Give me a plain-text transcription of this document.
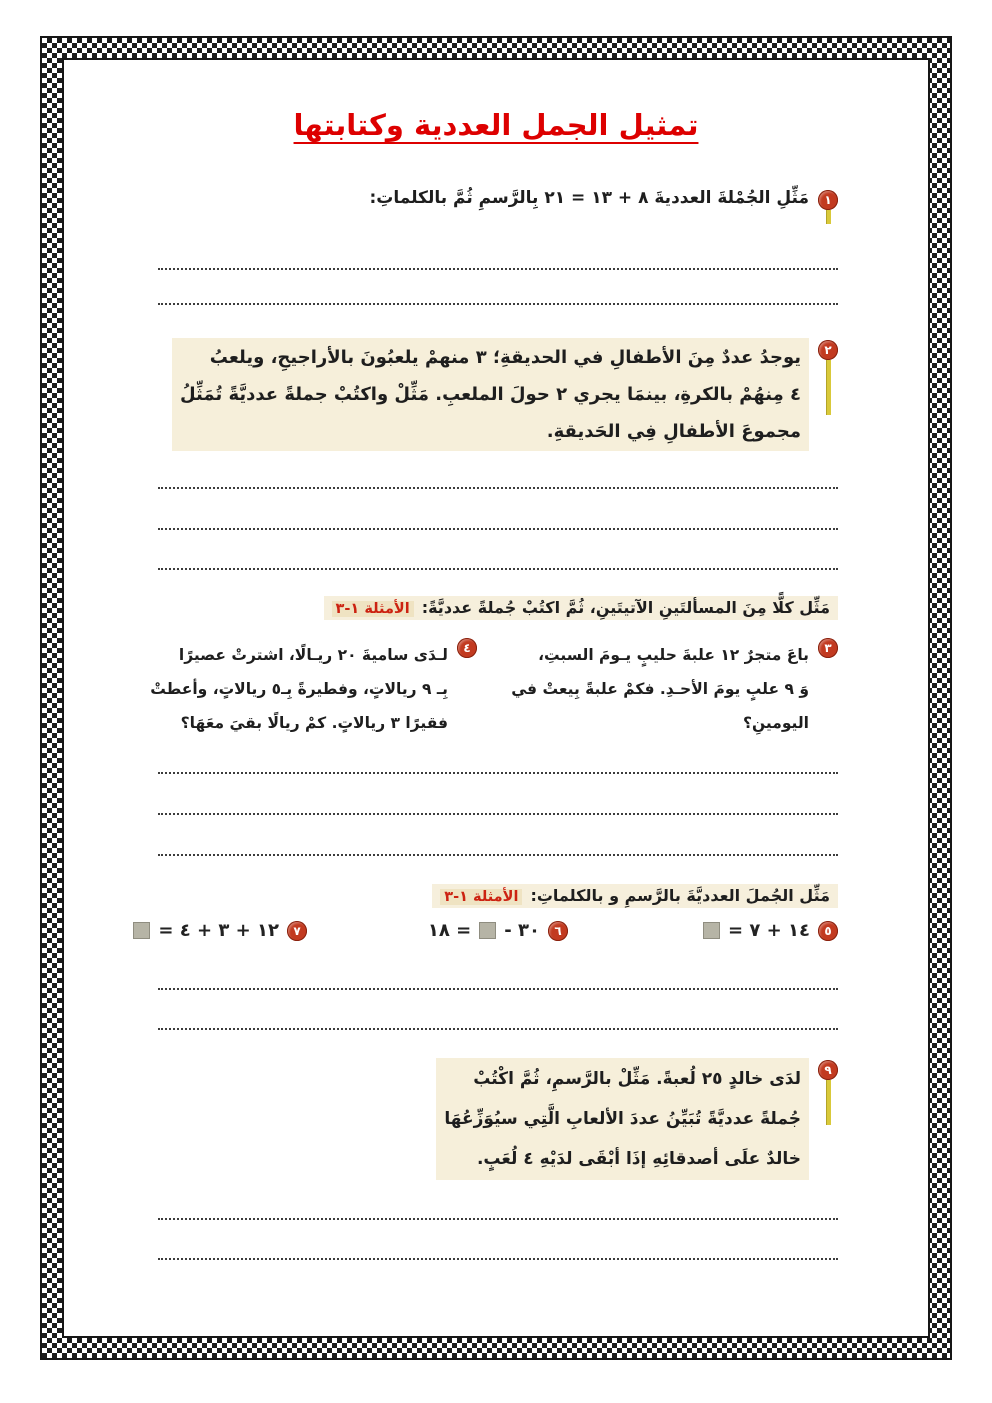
تمثيل الجمل العددية وكتابتها
١
مَثِّلِ الجُمْلةَ العدديةَ ٨ + ١٣ = ٢١ بِالرَّسمِ ثُمَّ بالكلماتِ:
٢
يوجدُ عددٌ مِنَ الأطفالِ في الحديقةِ؛ ٣ منهمْ يلعبُونَ بالأراجيحِ، ويلعبُ
٤ مِنهُمْ بالكرةِ، بينمَا يجري ٢ حولَ الملعبِ. مَثِّلْ واكتُبْ جملةً عدديَّةً تُمَثِّلُ
مجموعَ الأطفالِ فِي الحَديقةِ.
مَثِّل كلًّا مِنَ المسألتَينِ الآتيتَينِ، ثُمَّ اكتُبْ جُملةً عدديَّةً:
الأمثلة ١-٣
٣
باعَ متجرٌ ١٢ علبةَ حليبٍ يـومَ السبتِ،
وَ ٩ علبٍ يومَ الأحـدِ. فكمْ علبةً بِيعتْ في
اليومينِ؟
٤
لـدَى ساميةَ ٢٠ ريـالًا، اشترتْ عصيرًا
بِـ ٩ ريالاتٍ، وفطيرةً بِـ٥ ريالاتٍ، وأعطتْ
فقيرًا ٣ ريالاتٍ. كمْ ريالًا بقيَ معَهَا؟
مَثِّل الجُملَ العدديَّةَ بالرَّسمِ و بالكلماتِ:
الأمثلة ١-٣
٥
١٤ + ٧ =
٦
٣٠ -
= ١٨
٧
١٢ + ٣ + ٤ =
٩
لدَى خالدٍ ٢٥ لُعبةً. مَثِّلْ بالرَّسمِ، ثُمَّ اكْتُبْ
جُملةً عدديَّةً تُبَيِّنُ عددَ الألعابِ الَّتِي سيُوَزِّعُهَا
خالدٌ علَى أصدقائِهِ إذَا أبْقَى لدَيْهِ ٤ لُعَبٍ.
